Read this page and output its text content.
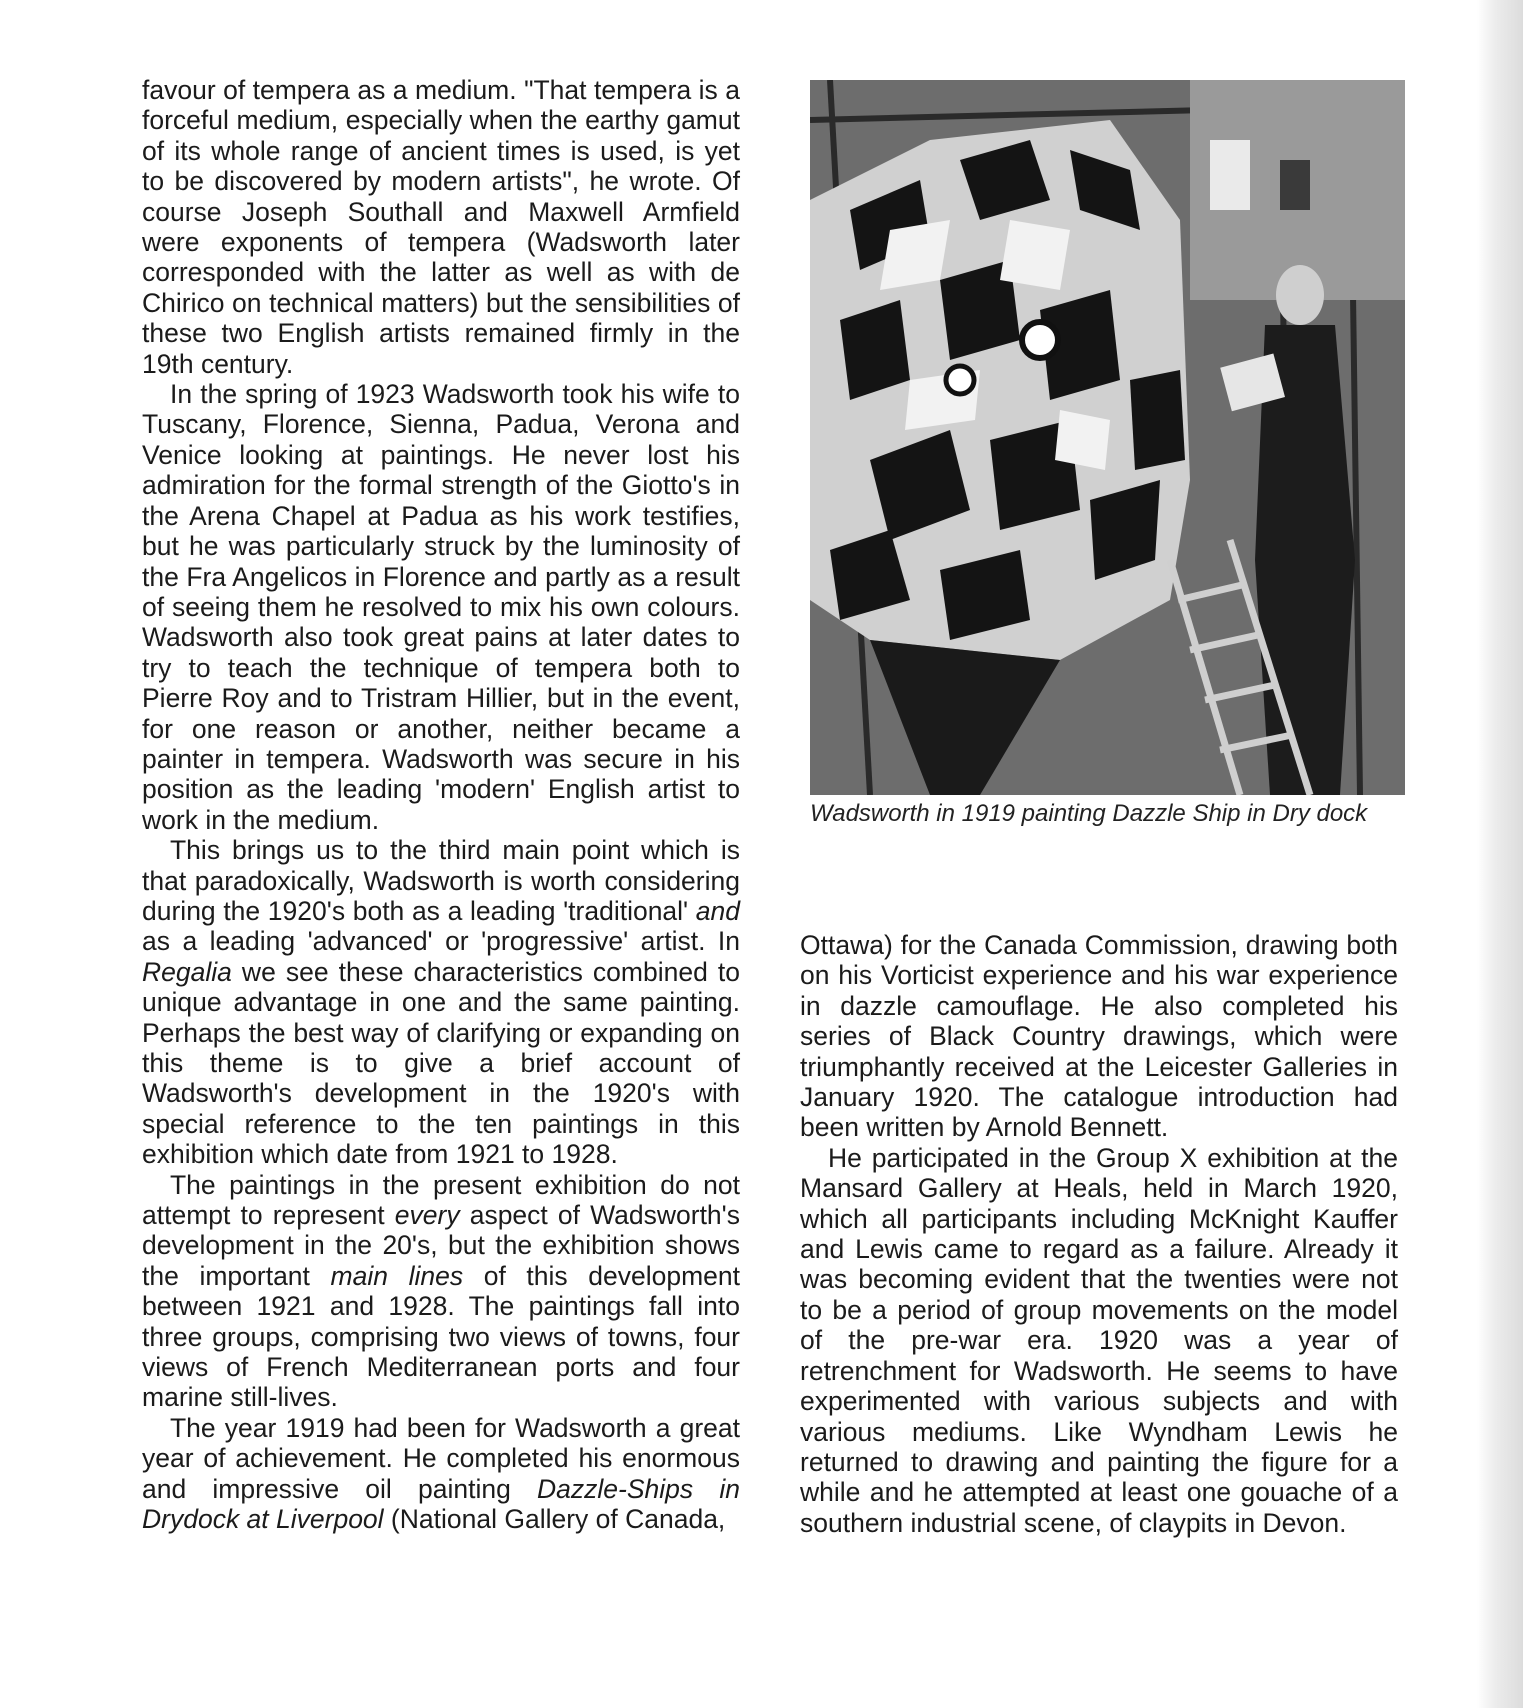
favour of tempera as a medium. "That tempera is a forceful medium, especially when the earthy gamut of its whole range of ancient times is used, is yet to be discovered by modern artists", he wrote. Of course Joseph Southall and Maxwell Armfield were exponents of tempera (Wadsworth later corresponded with the latter as well as with de Chirico on technical matters) but the sensibilities of these two English artists remained firmly in the 19th century.

In the spring of 1923 Wadsworth took his wife to Tuscany, Florence, Sienna, Padua, Verona and Venice looking at paintings. He never lost his admiration for the formal strength of the Giotto's in the Arena Chapel at Padua as his work testifies, but he was particularly struck by the luminosity of the Fra Angelicos in Florence and partly as a result of seeing them he resolved to mix his own colours. Wadsworth also took great pains at later dates to try to teach the technique of tempera both to Pierre Roy and to Tristram Hillier, but in the event, for one reason or another, neither became a painter in tempera. Wadsworth was secure in his position as the leading 'modern' English artist to work in the medium.

This brings us to the third main point which is that paradoxically, Wadsworth is worth considering during the 1920's both as a leading 'traditional' and as a leading 'advanced' or 'progressive' artist. In Regalia we see these characteristics combined to unique advantage in one and the same painting. Perhaps the best way of clarifying or expanding on this theme is to give a brief account of Wadsworth's development in the 1920's with special reference to the ten paintings in this exhibition which date from 1921 to 1928.

The paintings in the present exhibition do not attempt to represent every aspect of Wadsworth's development in the 20's, but the exhibition shows the important main lines of this development between 1921 and 1928. The paintings fall into three groups, comprising two views of towns, four views of French Mediterranean ports and four marine still-lives.

The year 1919 had been for Wadsworth a great year of achievement. He completed his enormous and impressive oil painting Dazzle-Ships in Drydock at Liverpool (National Gallery of Canada,

Wadsworth in 1919 painting Dazzle Ship in Dry dock

Ottawa) for the Canada Commission, drawing both on his Vorticist experience and his war experience in dazzle camouflage. He also completed his series of Black Country drawings, which were triumphantly received at the Leicester Galleries in January 1920. The catalogue introduction had been written by Arnold Bennett.

He participated in the Group X exhibition at the Mansard Gallery at Heals, held in March 1920, which all participants including McKnight Kauffer and Lewis came to regard as a failure. Already it was becoming evident that the twenties were not to be a period of group movements on the model of the pre-war era. 1920 was a year of retrenchment for Wadsworth. He seems to have experimented with various subjects and with various mediums. Like Wyndham Lewis he returned to drawing and painting the figure for a while and he attempted at least one gouache of a southern industrial scene, of claypits in Devon.
